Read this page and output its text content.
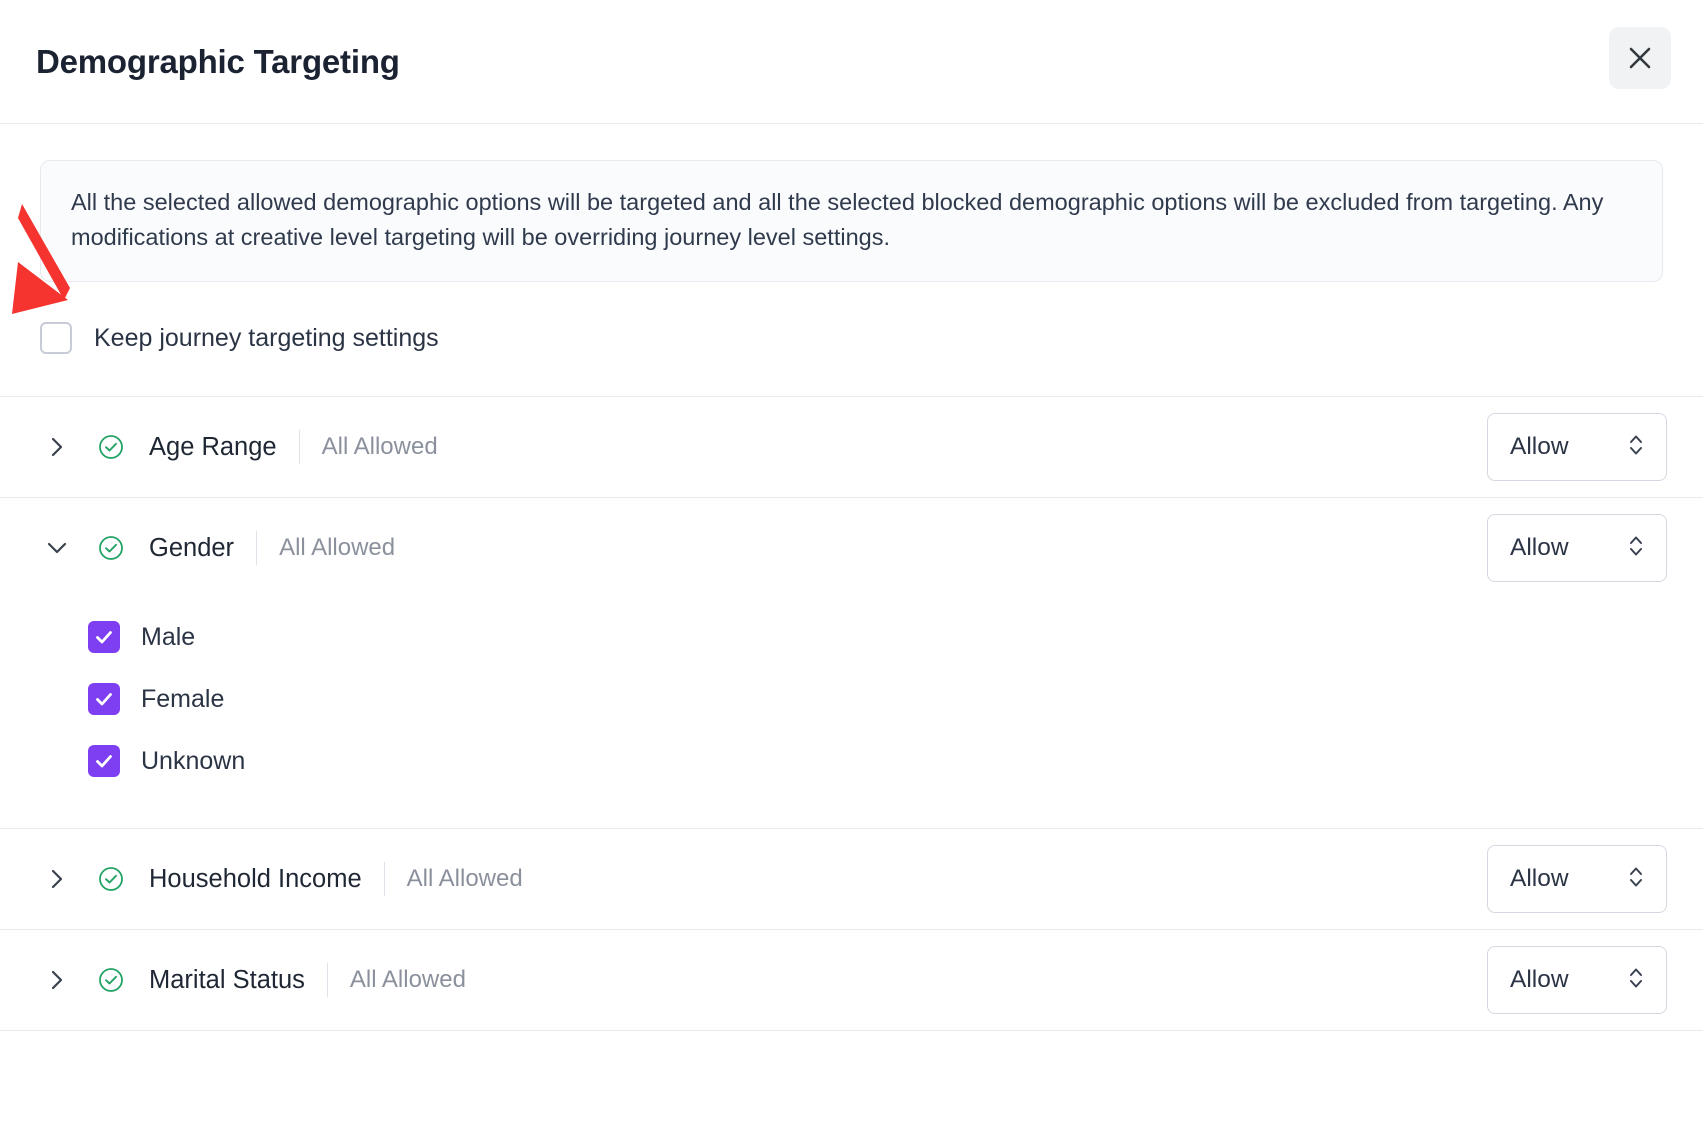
Demographic Targeting
All the selected allowed demographic options will be targeted and all the selected blocked demographic options will be excluded from targeting. Any modifications at creative level targeting will be overriding journey level settings.
Keep journey targeting settings
Age Range All Allowed	Allow
Gender All Allowed	Allow
Male
Female
Unknown
Household Income All Allowed	Allow
Marital Status All Allowed	Allow
